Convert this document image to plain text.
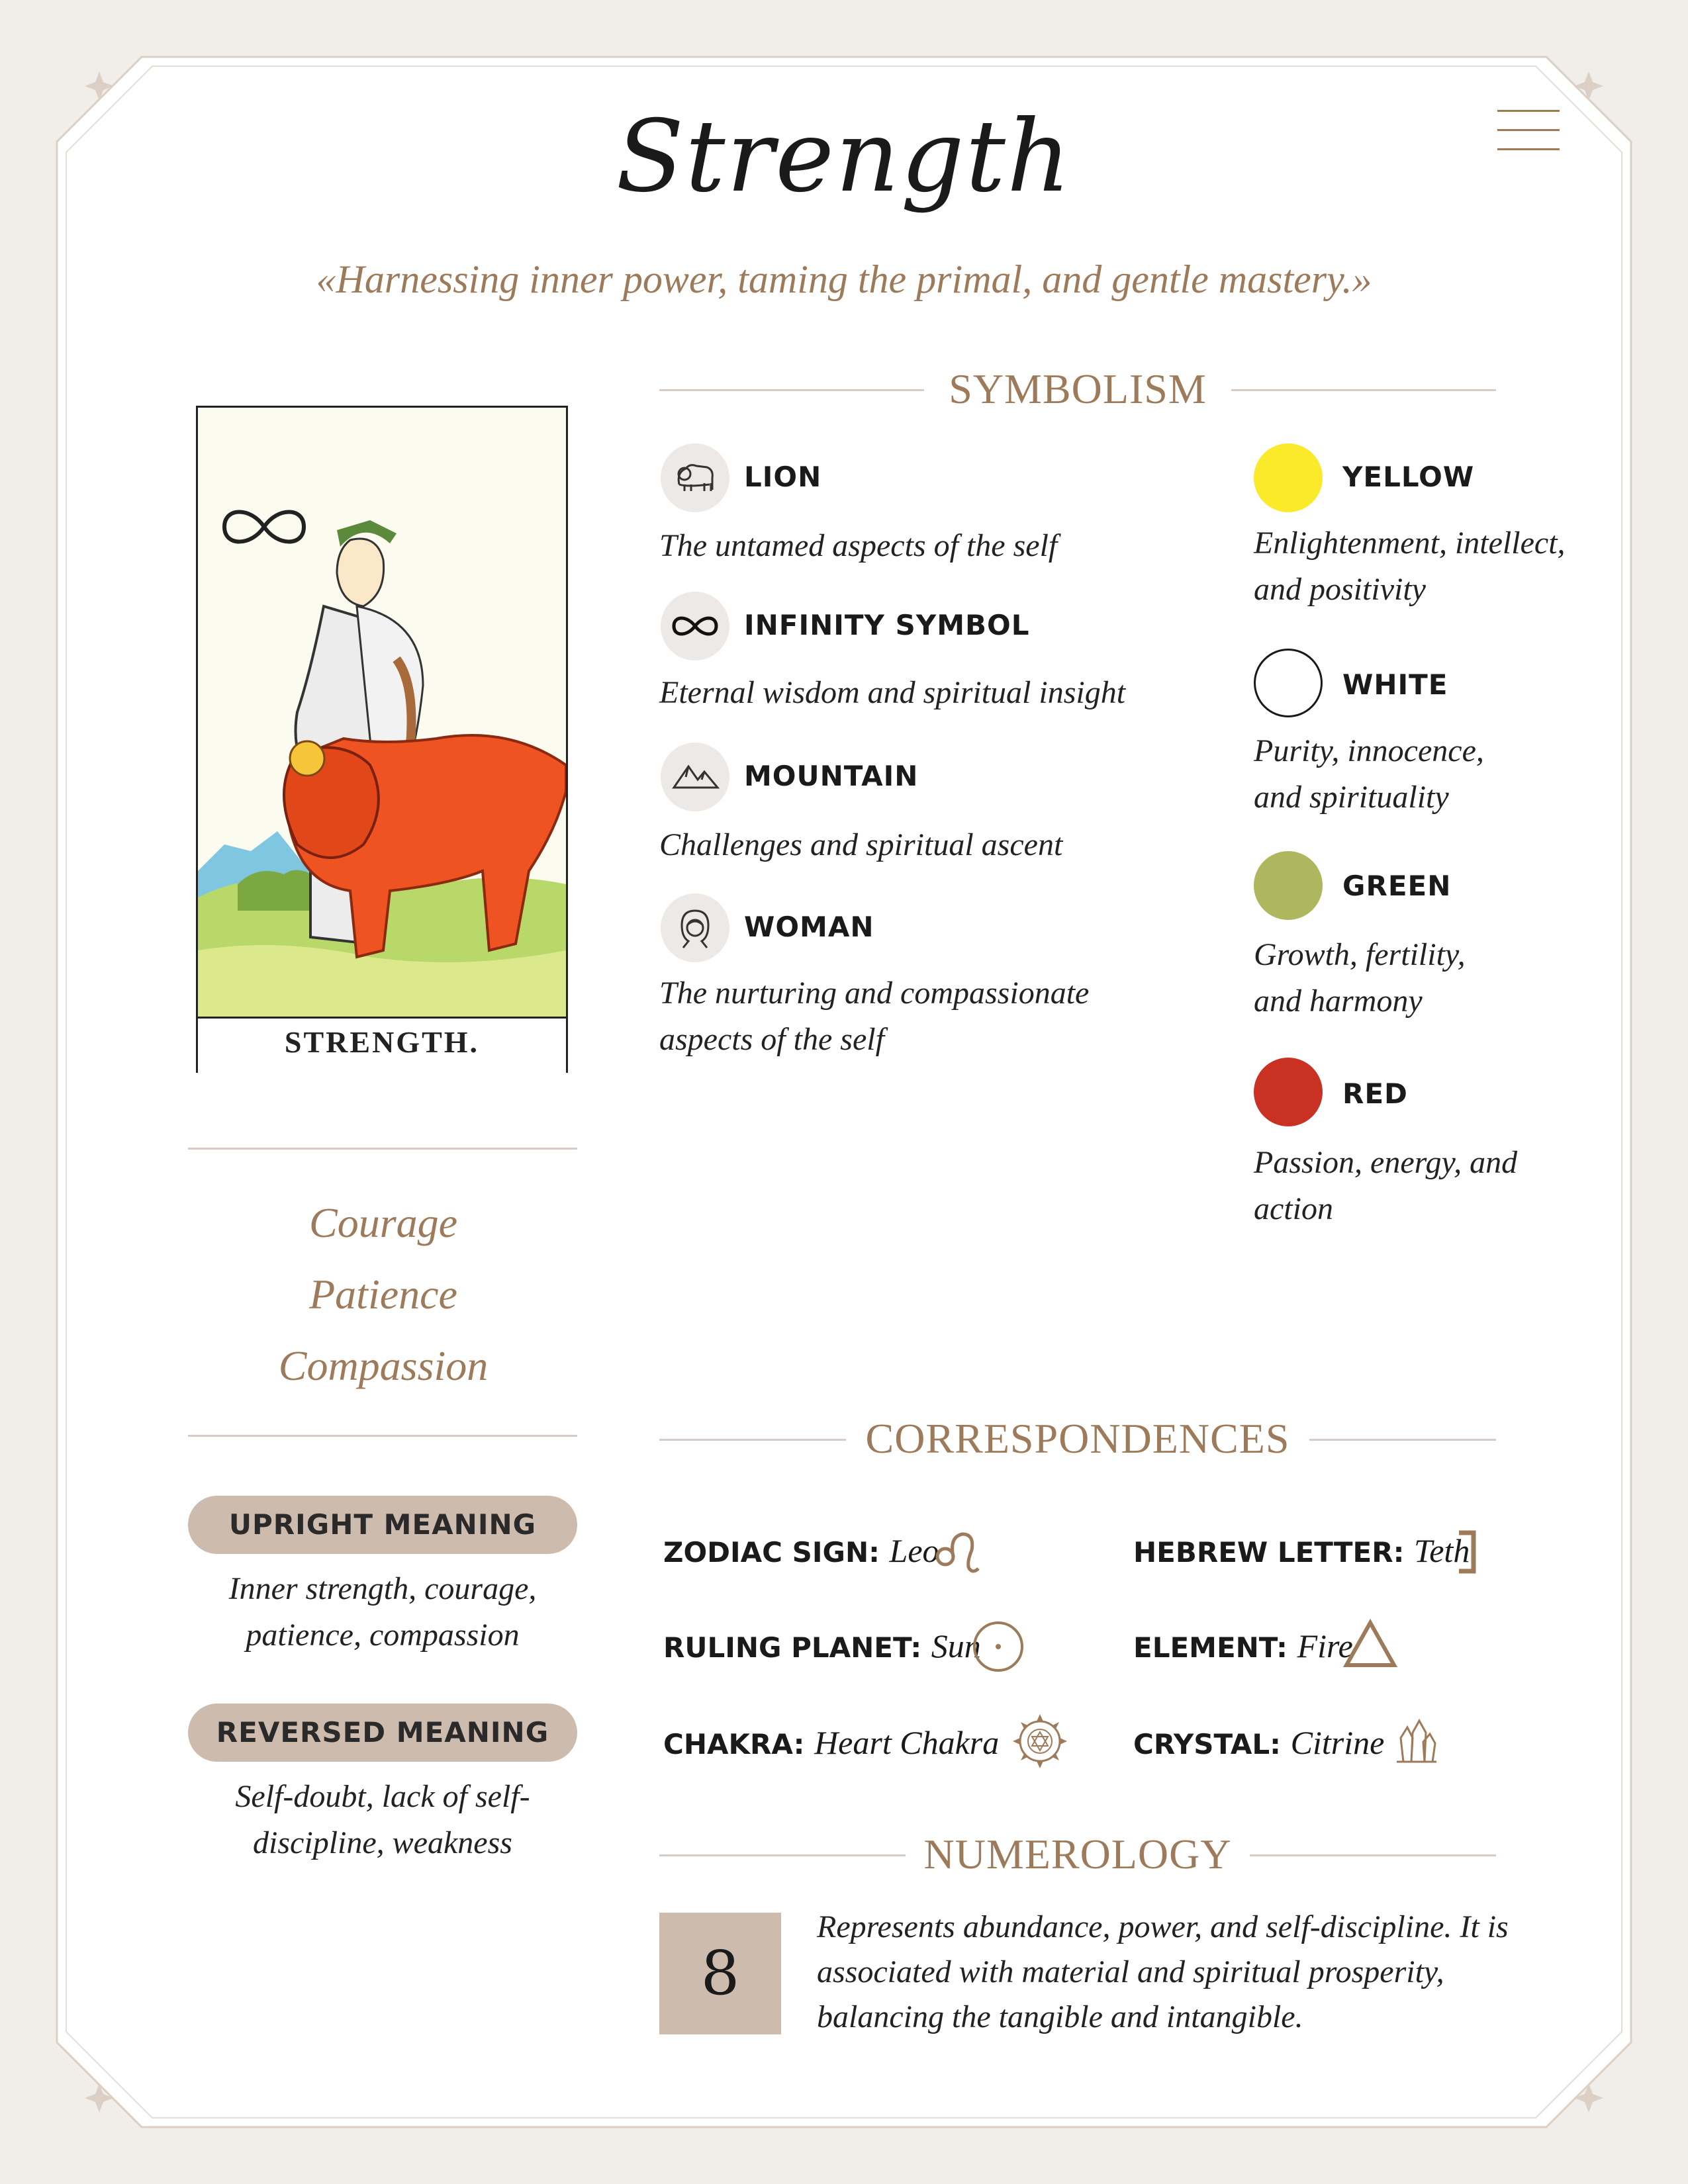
Strength
«Harnessing inner power, taming the primal, and gentle mastery.»
STRENGTH.
Courage
Patience
Compassion
UPRIGHT MEANING
Inner strength, courage, patience, compassion
REVERSED MEANING
Self-doubt, lack of self-discipline, weakness
SYMBOLISM
LION
The untamed aspects of the self
INFINITY SYMBOL
Eternal wisdom and spiritual insight
MOUNTAIN
Challenges and spiritual ascent
WOMAN
The nurturing and compassionate aspects of the self
YELLOW
Enlightenment, intellect, and positivity
WHITE
Purity, innocence, and spirituality
GREEN
Growth, fertility, and harmony
RED
Passion, energy, and action
CORRESPONDENCES
ZODIAC SIGN: Leo	HEBREW LETTER: Teth
RULING PLANET: Sun	ELEMENT: Fire
CHAKRA: Heart Chakra	CRYSTAL: Citrine
NUMEROLOGY
8
Represents abundance, power, and self-discipline. It is associated with material and spiritual prosperity, balancing the tangible and intangible.
